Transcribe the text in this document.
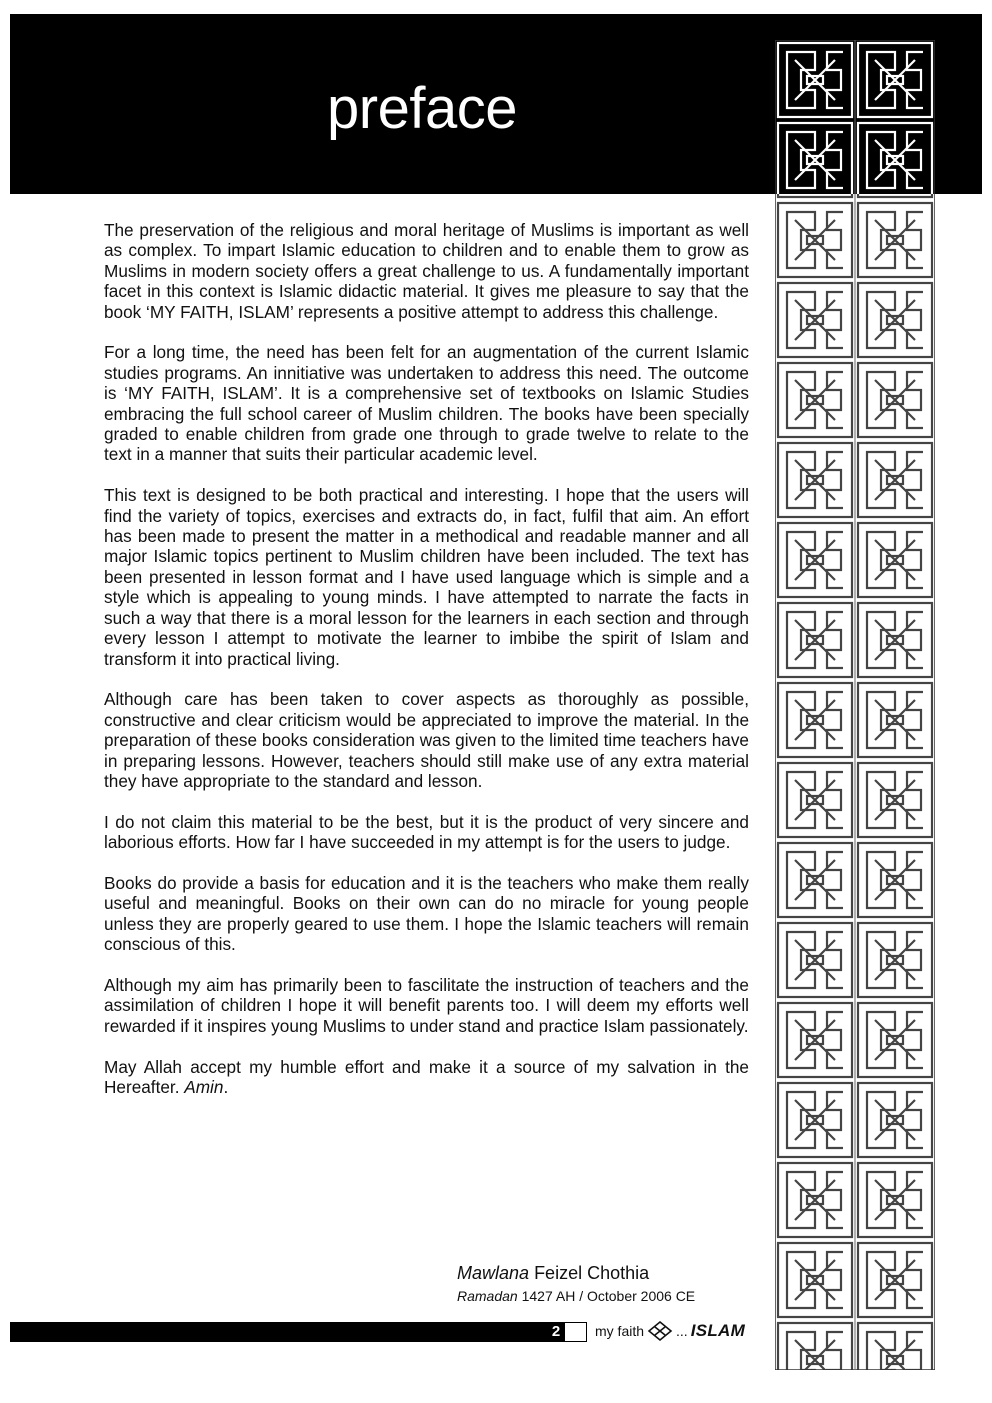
preface

The preservation of the religious and moral heritage of Muslims is important as well as complex. To impart Islamic education to children and to enable them to grow as Muslims in modern society offers a great challenge to us. A fundamentally important facet in this context is Islamic didactic material. It gives me pleasure to say that the book ‘MY FAITH, ISLAM’ represents a positive attempt to address this challenge.

For a long time, the need has been felt for an augmentation of the current Islamic studies programs. An innitiative was undertaken to address this need. The outcome is ‘MY FAITH, ISLAM’. It is a comprehensive set of textbooks on Islamic Studies embracing the full school career of Muslim children. The books have been specially graded to enable children from grade one through to grade twelve to relate to the text in a manner that suits their particular academic level.

This text is designed to be both practical and interesting. I hope that the users will find the variety of topics, exercises and extracts do, in fact, fulfil that aim. An effort has been made to present the matter in a methodical and readable manner and all major Islamic topics pertinent to Muslim children have been included. The text has been presented in lesson format and I have used language which is simple and a style which is appealing to young minds. I have attempted to narrate the facts in such a way that there is a moral lesson for the learners in each section and through every lesson I attempt to motivate the learner to imbibe the spirit of Islam and transform it into practical living.

Although care has been taken to cover aspects as thoroughly as possible, constructive and clear criticism would be appreciated to improve the material. In the preparation of these books consideration was given to the limited time teachers have in preparing lessons. However, teachers should still make use of any extra material they have appropriate to the standard and lesson.

I do not claim this material to be the best, but it is the product of very sincere and laborious efforts. How far I have succeeded in my attempt is for the users to judge.

Books do provide a basis for education and it is the teachers who make them really useful and meaningful. Books on their own can do no miracle for young people unless they are properly geared to use them. I hope the Islamic teachers will remain conscious of this.

Although my aim has primarily been to fascilitate the instruction of teachers and the assimilation of children I hope it will benefit parents too. I will deem my efforts well rewarded if it inspires young Muslims to under stand and practice Islam passionately.

May Allah accept my humble effort and make it a source of my salvation in the Hereafter. Amin.

Mawlana Feizel Chothia
Ramadan 1427 AH / October 2006 CE
2	my faith ... ISLAM
